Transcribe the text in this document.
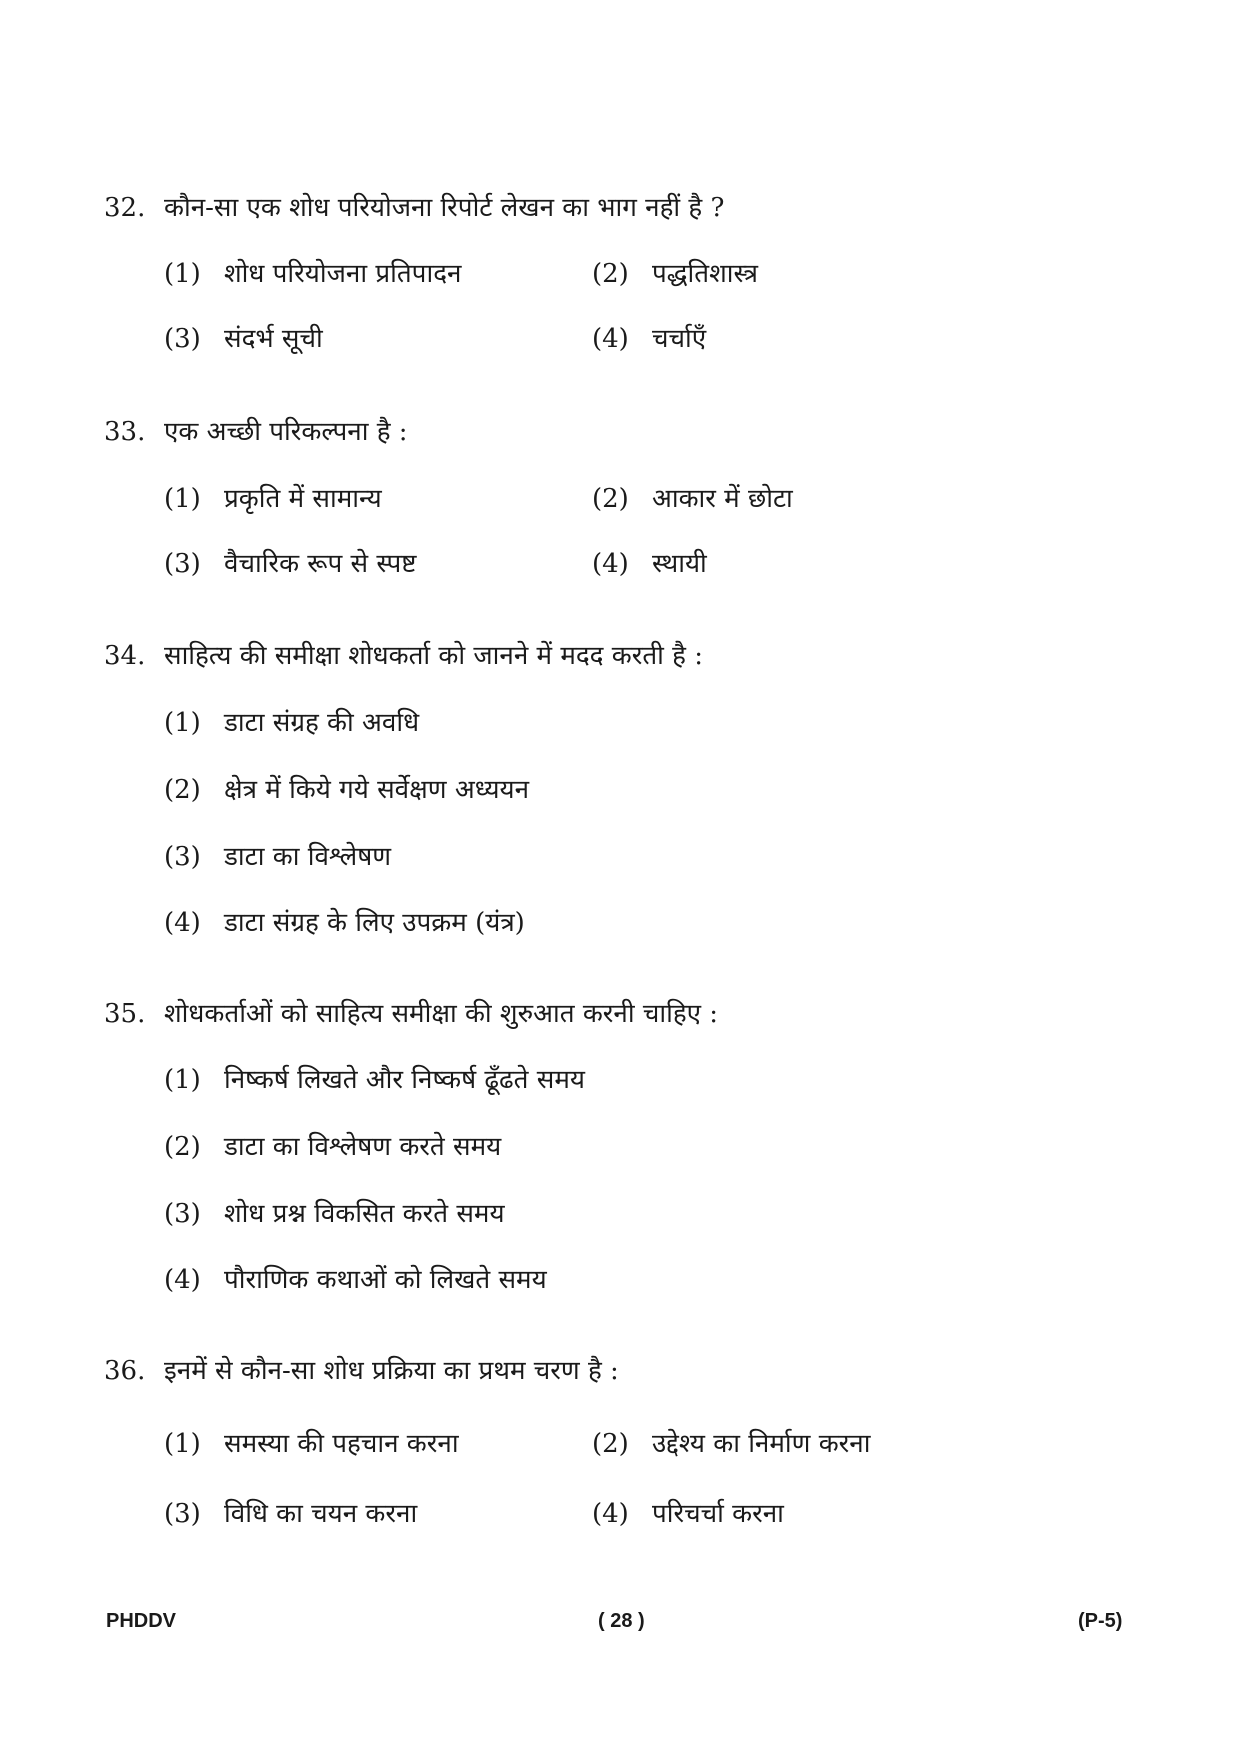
32. कौन-सा एक शोध परियोजना रिपोर्ट लेखन का भाग नहीं है ?
(1) शोध परियोजना प्रतिपादन	(2) पद्धतिशास्त्र
(3) संदर्भ सूची	(4) चर्चाएँ
33. एक अच्छी परिकल्पना है :
(1) प्रकृति में सामान्य	(2) आकार में छोटा
(3) वैचारिक रूप से स्पष्ट	(4) स्थायी
34. साहित्य की समीक्षा शोधकर्ता को जानने में मदद करती है :
(1) डाटा संग्रह की अवधि
(2) क्षेत्र में किये गये सर्वेक्षण अध्ययन
(3) डाटा का विश्लेषण
(4) डाटा संग्रह के लिए उपक्रम (यंत्र)
35. शोधकर्ताओं को साहित्य समीक्षा की शुरुआत करनी चाहिए :
(1) निष्कर्ष लिखते और निष्कर्ष ढूँढते समय
(2) डाटा का विश्लेषण करते समय
(3) शोध प्रश्न विकसित करते समय
(4) पौराणिक कथाओं को लिखते समय
36. इनमें से कौन-सा शोध प्रक्रिया का प्रथम चरण है :
(1) समस्या की पहचान करना	(2) उद्देश्य का निर्माण करना
(3) विधि का चयन करना	(4) परिचर्चा करना
PHDDV	( 28 )	(P-5)
